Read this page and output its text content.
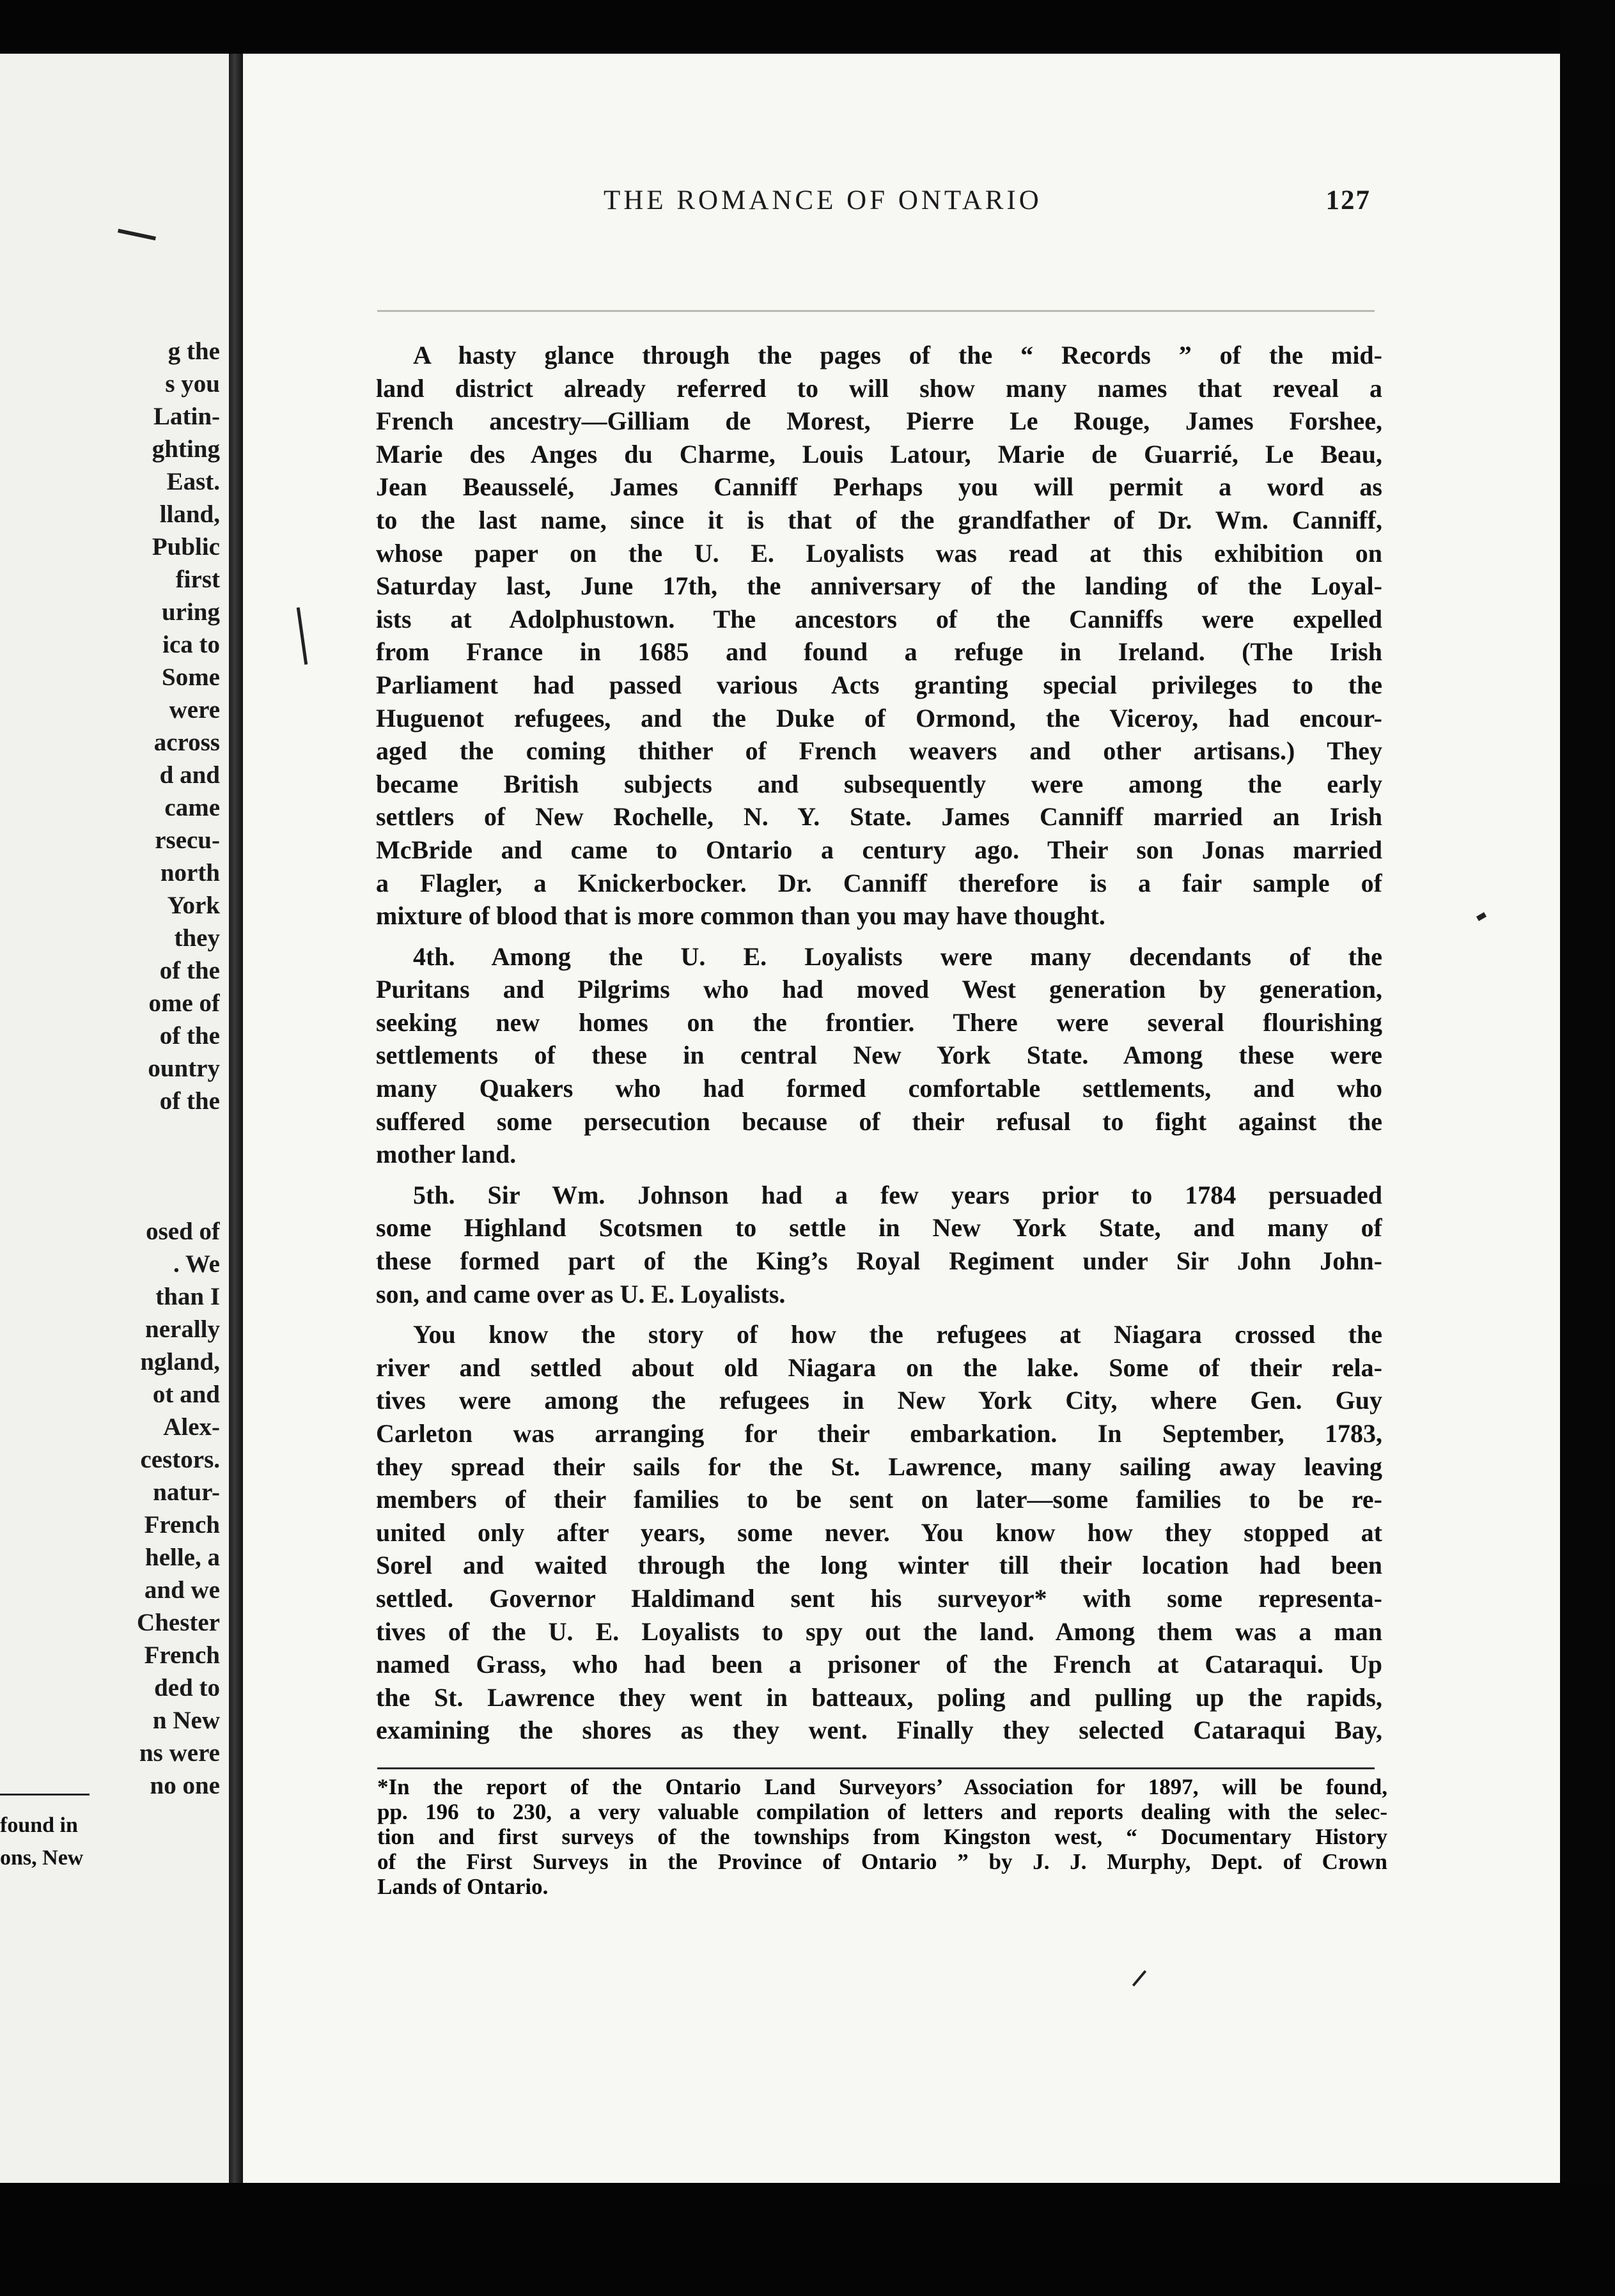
g the
s you
Latin-
ghting
East.
lland,
Public
first
uring
ica to
Some
were
across
d and
came
rsecu-
north
York
they
of the
ome of
of the
ountry
of the
osed of
. We
than I
nerally
ngland,
ot and
Alex-
cestors.
natur-
French
helle, a
and we
Chester
French
ded to
n New
ns were
no one
found in
ons, New
THE ROMANCE OF ONTARIO	127
A hasty glance through the pages of the “ Records ” of the mid-
land district already referred to will show many names that reveal a
French ancestry—Gilliam de Morest, Pierre Le Rouge, James Forshee,
Marie des Anges du Charme, Louis Latour, Marie de Guarrié, Le Beau,
Jean Beausselé, James Canniff Perhaps you will permit a word as
to the last name, since it is that of the grandfather of Dr. Wm. Canniff,
whose paper on the U. E. Loyalists was read at this exhibition on
Saturday last, June 17th, the anniversary of the landing of the Loyal-
ists at Adolphustown. The ancestors of the Canniffs were expelled
from France in 1685 and found a refuge in Ireland. (The Irish
Parliament had passed various Acts granting special privileges to the
Huguenot refugees, and the Duke of Ormond, the Viceroy, had encour-
aged the coming thither of French weavers and other artisans.) They
became British subjects and subsequently were among the early
settlers of New Rochelle, N. Y. State. James Canniff married an Irish
McBride and came to Ontario a century ago. Their son Jonas married
a Flagler, a Knickerbocker. Dr. Canniff therefore is a fair sample of
mixture of blood that is more common than you may have thought.
4th. Among the U. E. Loyalists were many decendants of the
Puritans and Pilgrims who had moved West generation by generation,
seeking new homes on the frontier. There were several flourishing
settlements of these in central New York State. Among these were
many Quakers who had formed comfortable settlements, and who
suffered some persecution because of their refusal to fight against the
mother land.
5th. Sir Wm. Johnson had a few years prior to 1784 persuaded
some Highland Scotsmen to settle in New York State, and many of
these formed part of the King’s Royal Regiment under Sir John John-
son, and came over as U. E. Loyalists.
You know the story of how the refugees at Niagara crossed the
river and settled about old Niagara on the lake. Some of their rela-
tives were among the refugees in New York City, where Gen. Guy
Carleton was arranging for their embarkation. In September, 1783,
they spread their sails for the St. Lawrence, many sailing away leaving
members of their families to be sent on later—some families to be re-
united only after years, some never. You know how they stopped at
Sorel and waited through the long winter till their location had been
settled. Governor Haldimand sent his surveyor* with some representa-
tives of the U. E. Loyalists to spy out the land. Among them was a man
named Grass, who had been a prisoner of the French at Cataraqui. Up
the St. Lawrence they went in batteaux, poling and pulling up the rapids,
examining the shores as they went. Finally they selected Cataraqui Bay,
*In the report of the Ontario Land Surveyors’ Association for 1897, will be found,
pp. 196 to 230, a very valuable compilation of letters and reports dealing with the selec-
tion and first surveys of the townships from Kingston west, “ Documentary History
of the First Surveys in the Province of Ontario ” by J. J. Murphy, Dept. of Crown
Lands of Ontario.
